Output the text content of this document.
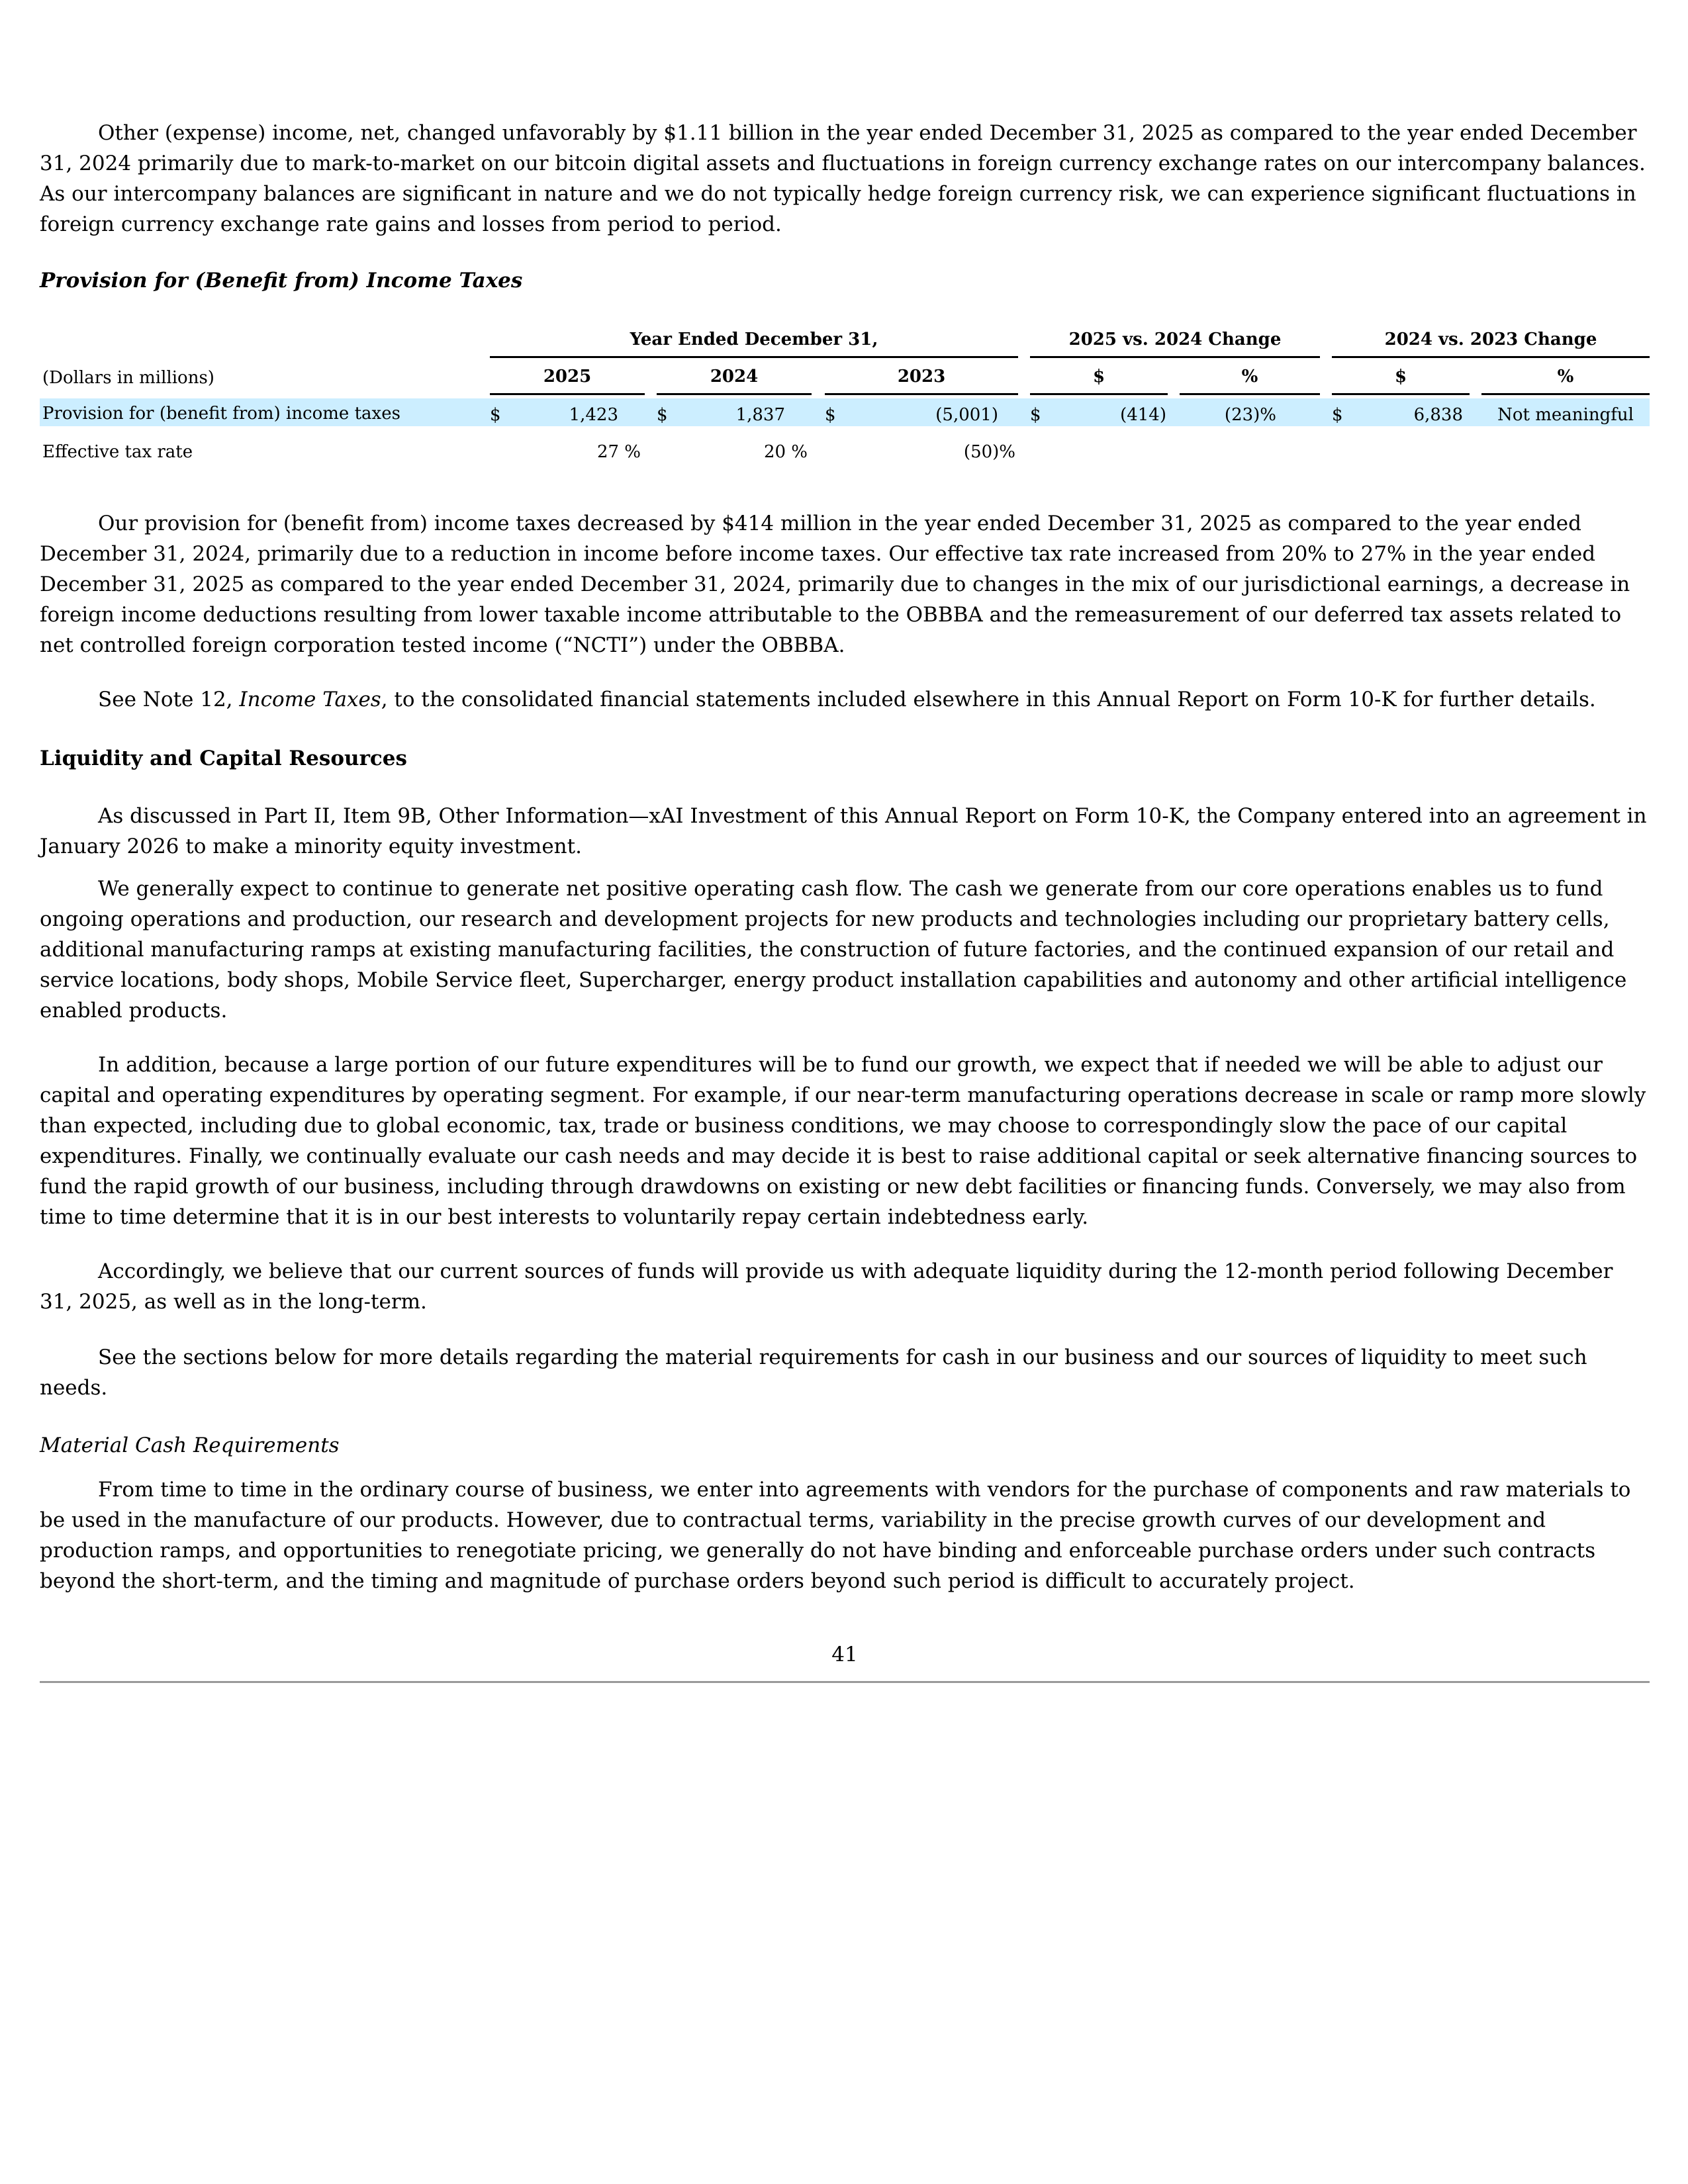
Other (expense) income, net, changed unfavorably by $1.11 billion in the year ended December 31, 2025 as compared to the year ended December 31, 2024 primarily due to mark-to-market on our bitcoin digital assets and fluctuations in foreign currency exchange rates on our intercompany balances. As our intercompany balances are significant in nature and we do not typically hedge foreign currency risk, we can experience significant fluctuations in foreign currency exchange rate gains and losses from period to period.

Provision for (Benefit from) Income Taxes
Year Ended December 31,	2025 vs. 2024 Change	2024 vs. 2023 Change
(Dollars in millions)	2025	2024	2023	$	%	$	%
Provision for (benefit from) income taxes	$	1,423 $	1,837 $	(5,001) $	(414)	(23)%	$	6,838	Not meaningful
Effective tax rate	27 %	20 %	(50)%

Our provision for (benefit from) income taxes decreased by $414 million in the year ended December 31, 2025 as compared to the year ended December 31, 2024, primarily due to a reduction in income before income taxes. Our effective tax rate increased from 20% to 27% in the year ended December 31, 2025 as compared to the year ended December 31, 2024, primarily due to changes in the mix of our jurisdictional earnings, a decrease in foreign income deductions resulting from lower taxable income attributable to the OBBBA and the remeasurement of our deferred tax assets related to net controlled foreign corporation tested income (“NCTI”) under the OBBBA.

See Note 12, Income Taxes, to the consolidated financial statements included elsewhere in this Annual Report on Form 10-K for further details.

Liquidity and Capital Resources

As discussed in Part II, Item 9B, Other Information—xAI Investment of this Annual Report on Form 10-K, the Company entered into an agreement in January 2026 to make a minority equity investment.

We generally expect to continue to generate net positive operating cash flow. The cash we generate from our core operations enables us to fund ongoing operations and production, our research and development projects for new products and technologies including our proprietary battery cells, additional manufacturing ramps at existing manufacturing facilities, the construction of future factories, and the continued expansion of our retail and service locations, body shops, Mobile Service fleet, Supercharger, energy product installation capabilities and autonomy and other artificial intelligence enabled products.

In addition, because a large portion of our future expenditures will be to fund our growth, we expect that if needed we will be able to adjust our capital and operating expenditures by operating segment. For example, if our near-term manufacturing operations decrease in scale or ramp more slowly than expected, including due to global economic, tax, trade or business conditions, we may choose to correspondingly slow the pace of our capital expenditures. Finally, we continually evaluate our cash needs and may decide it is best to raise additional capital or seek alternative financing sources to fund the rapid growth of our business, including through drawdowns on existing or new debt facilities or financing funds. Conversely, we may also from time to time determine that it is in our best interests to voluntarily repay certain indebtedness early.

Accordingly, we believe that our current sources of funds will provide us with adequate liquidity during the 12-month period following December 31, 2025, as well as in the long-term.

See the sections below for more details regarding the material requirements for cash in our business and our sources of liquidity to meet such needs.

Material Cash Requirements

From time to time in the ordinary course of business, we enter into agreements with vendors for the purchase of components and raw materials to be used in the manufacture of our products. However, due to contractual terms, variability in the precise growth curves of our development and production ramps, and opportunities to renegotiate pricing, we generally do not have binding and enforceable purchase orders under such contracts beyond the short-term, and the timing and magnitude of purchase orders beyond such period is difficult to accurately project.

41
